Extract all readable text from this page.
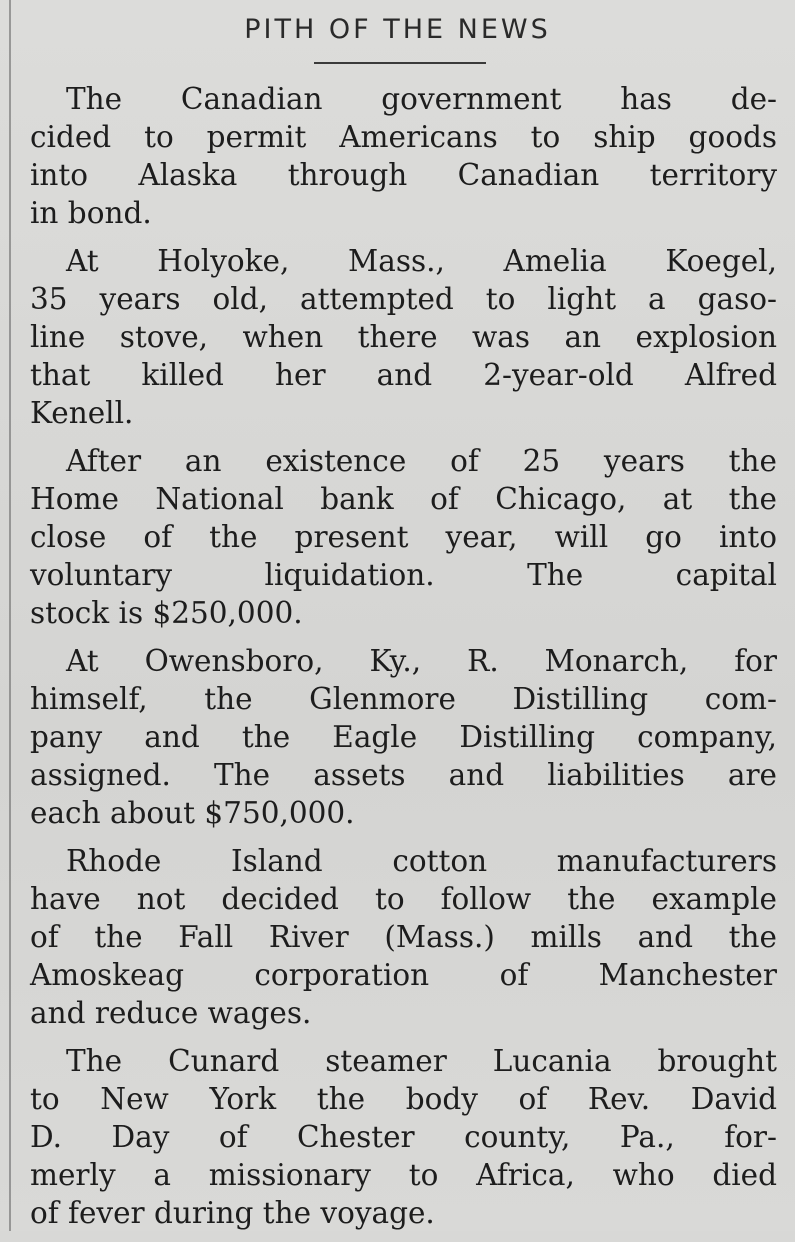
PITH OF THE NEWS

The Canadian government has de-
cided to permit Americans to ship goods
into Alaska through Canadian territory
in bond.

At Holyoke, Mass., Amelia Koegel,
35 years old, attempted to light a gaso-
line stove, when there was an explosion
that killed her and 2-year-old Alfred
Kenell.

After an existence of 25 years the
Home National bank of Chicago, at the
close of the present year, will go into
voluntary liquidation. The capital
stock is $250,000.

At Owensboro, Ky., R. Monarch, for
himself, the Glenmore Distilling com-
pany and the Eagle Distilling company,
assigned. The assets and liabilities are
each about $750,000.

Rhode Island cotton manufacturers
have not decided to follow the example
of the Fall River (Mass.) mills and the
Amoskeag corporation of Manchester
and reduce wages.

The Cunard steamer Lucania brought
to New York the body of Rev. David
D. Day of Chester county, Pa., for-
merly a missionary to Africa, who died
of fever during the voyage.
